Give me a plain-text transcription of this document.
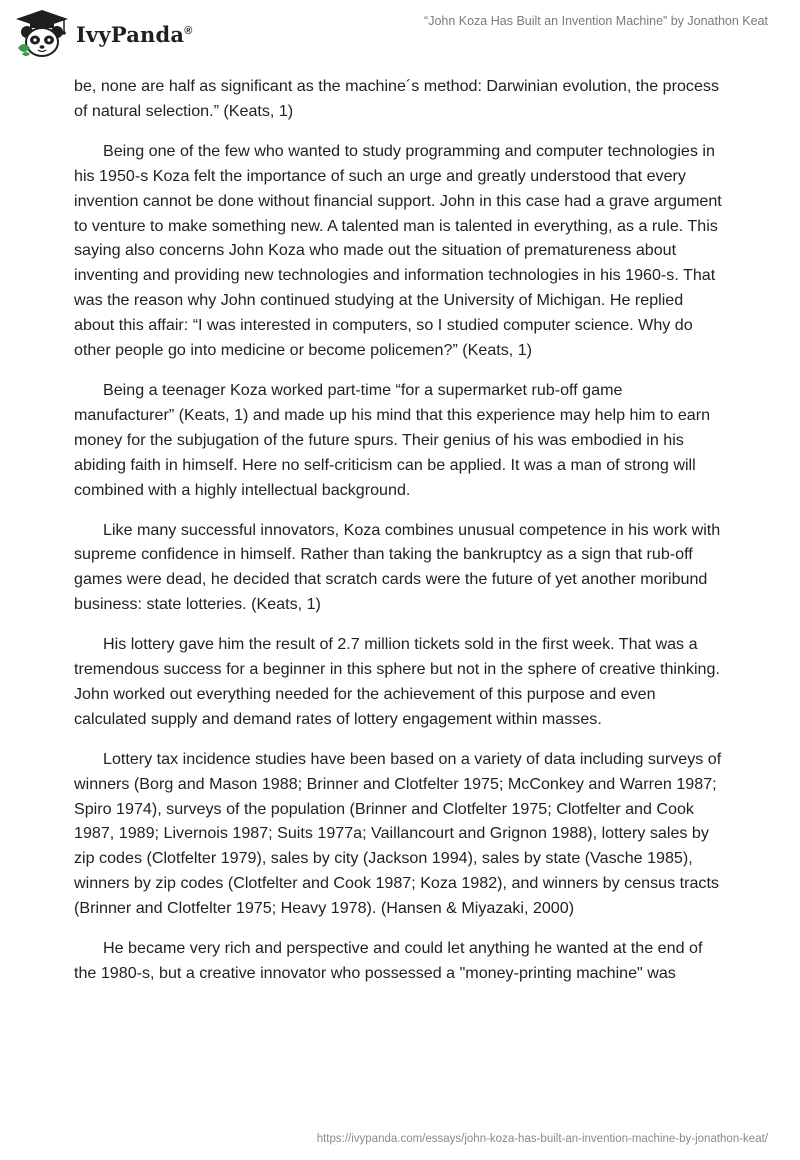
IvyPanda®
“John Koza Has Built an Invention Machine” by Jonathon Keat

be, none are half as significant as the machine´s method: Darwinian evolution, the process of natural selection.” (Keats, 1)

Being one of the few who wanted to study programming and computer technologies in his 1950-s Koza felt the importance of such an urge and greatly understood that every invention cannot be done without financial support. John in this case had a grave argument to venture to make something new. A talented man is talented in everything, as a rule. This saying also concerns John Koza who made out the situation of prematureness about inventing and providing new technologies and information technologies in his 1960-s. That was the reason why John continued studying at the University of Michigan. He replied about this affair: “I was interested in computers, so I studied computer science. Why do other people go into medicine or become policemen?” (Keats, 1)

Being a teenager Koza worked part-time “for a supermarket rub-off game manufacturer” (Keats, 1) and made up his mind that this experience may help him to earn money for the subjugation of the future spurs. Their genius of his was embodied in his abiding faith in himself. Here no self-criticism can be applied. It was a man of strong will combined with a highly intellectual background.

Like many successful innovators, Koza combines unusual competence in his work with supreme confidence in himself. Rather than taking the bankruptcy as a sign that rub-off games were dead, he decided that scratch cards were the future of yet another moribund business: state lotteries. (Keats, 1)

His lottery gave him the result of 2.7 million tickets sold in the first week. That was a tremendous success for a beginner in this sphere but not in the sphere of creative thinking. John worked out everything needed for the achievement of this purpose and even calculated supply and demand rates of lottery engagement within masses.

Lottery tax incidence studies have been based on a variety of data including surveys of winners (Borg and Mason 1988; Brinner and Clotfelter 1975; McConkey and Warren 1987; Spiro 1974), surveys of the population (Brinner and Clotfelter 1975; Clotfelter and Cook 1987, 1989; Livernois 1987; Suits 1977a; Vaillancourt and Grignon 1988), lottery sales by zip codes (Clotfelter 1979), sales by city (Jackson 1994), sales by state (Vasche 1985), winners by zip codes (Clotfelter and Cook 1987; Koza 1982), and winners by census tracts (Brinner and Clotfelter 1975; Heavy 1978). (Hansen & Miyazaki, 2000)

He became very rich and perspective and could let anything he wanted at the end of the 1980-s, but a creative innovator who possessed a "money-printing machine" was

https://ivypanda.com/essays/john-koza-has-built-an-invention-machine-by-jonathon-keat/
